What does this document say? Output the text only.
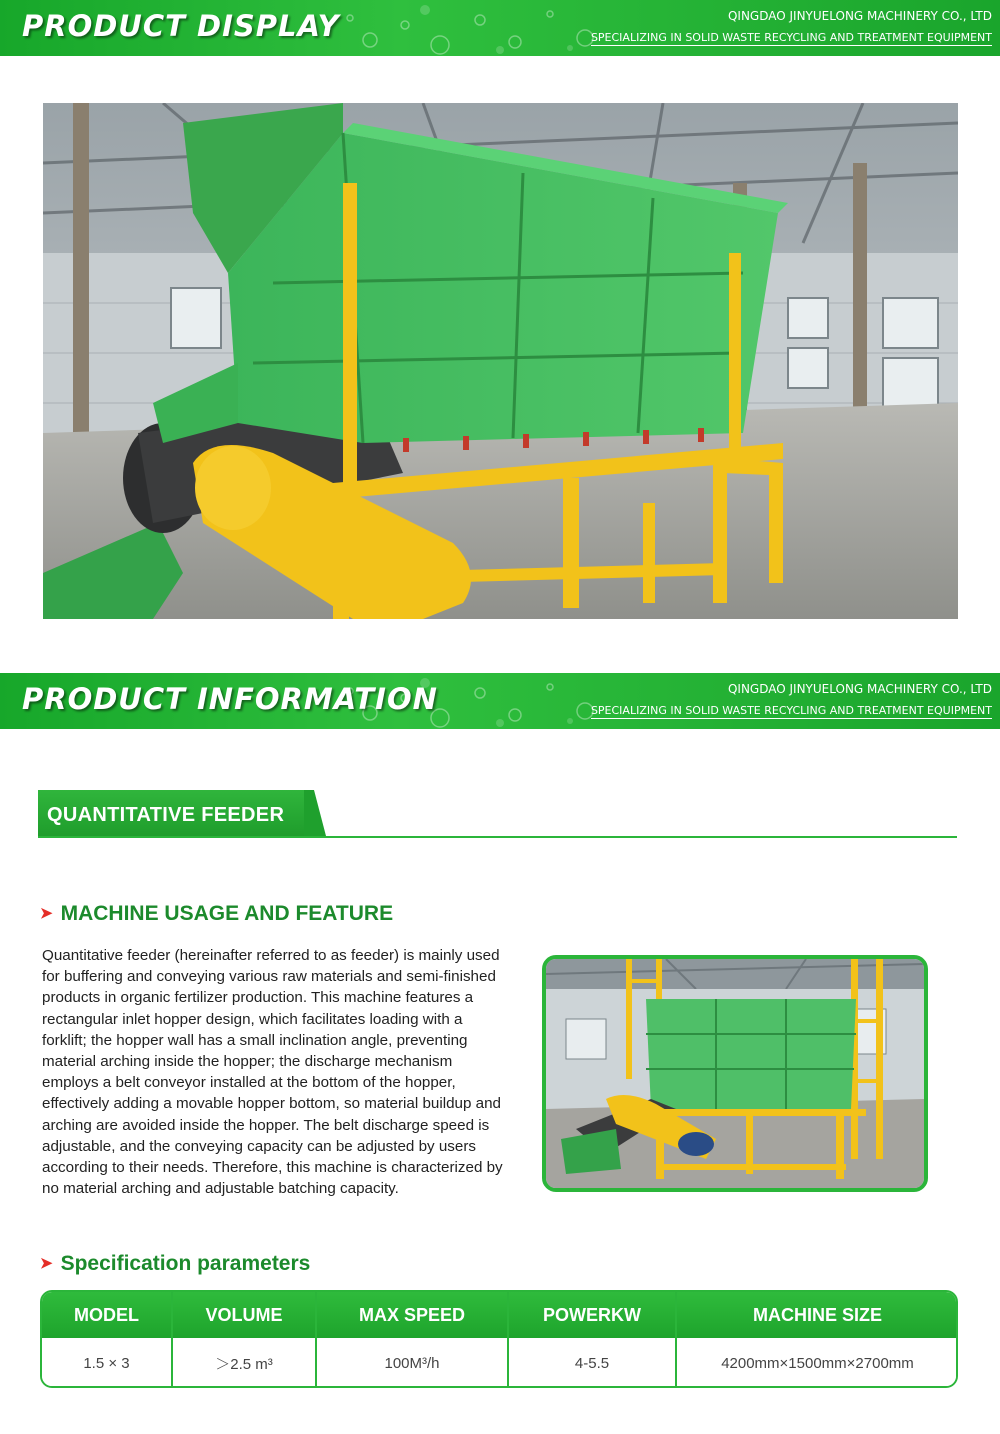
PRODUCT DISPLAY	QINGDAO JINYUELONG MACHINERY CO., LTD
SPECIALIZING IN SOLID WASTE RECYCLING AND TREATMENT EQUIPMENT
PRODUCT INFORMATION	QINGDAO JINYUELONG MACHINERY CO., LTD
SPECIALIZING IN SOLID WASTE RECYCLING AND TREATMENT EQUIPMENT
QUANTITATIVE FEEDER
➤ MACHINE USAGE AND FEATURE
Quantitative feeder (hereinafter referred to as feeder) is mainly used for buffering and conveying various raw materials and semi-finished products in organic fertilizer production. This machine features a rectangular inlet hopper design, which facilitates loading with a forklift; the hopper wall has a small inclination angle, preventing material arching inside the hopper; the discharge mechanism employs a belt conveyor installed at the bottom of the hopper, effectively adding a movable hopper bottom, so material buildup and arching are avoided inside the hopper. The belt discharge speed is adjustable, and the conveying capacity can be adjusted by users according to their needs. Therefore, this machine is characterized by no material arching and adjustable batching capacity.
➤ Specification parameters
MODEL	VOLUME	MAX SPEED	POWERKW	MACHINE SIZE
1.5 × 3	＞2.5 m³	100M³/h	4-5.5	4200mm×1500mm×2700mm
